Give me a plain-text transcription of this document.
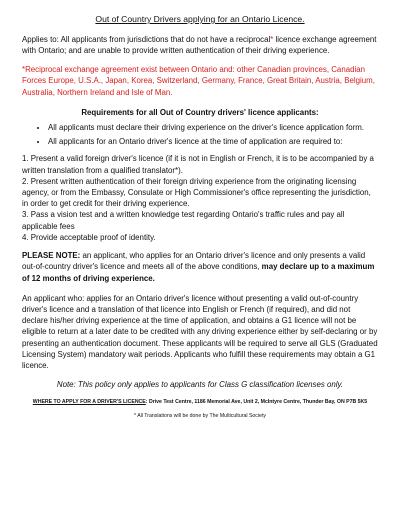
Out of Country Drivers applying for an Ontario Licence.

Applies to: All applicants from jurisdictions that do not have a reciprocal* licence exchange agreement with Ontario; and are unable to provide written authentication of their driving experience.

*Reciprocal exchange agreement exist between Ontario and: other Canadian provinces, Canadian Forces Europe, U.S.A., Japan, Korea, Switzerland, Germany, France, Great Britain, Austria, Belgium, Australia, Northern Ireland and Isle of Man.

Requirements for all Out of Country drivers' licence applicants:
• All applicants must declare their driving experience on the driver's licence application form.
• All applicants for an Ontario driver's licence at the time of application are required to:

1. Present a valid foreign driver's licence (if it is not in English or French, it is to be accompanied by a written translation from a qualified translator*).

2. Present written authentication of their foreign driving experience from the originating licensing agency, or from the Embassy, Consulate or High Commissioner's office representing the jurisdiction, in order to get credit for their driving experience.

3. Pass a vision test and a written knowledge test regarding Ontario's traffic rules and pay all applicable fees

4. Provide acceptable proof of identity.

PLEASE NOTE: an applicant, who applies for an Ontario driver's licence and only presents a valid out-of-country driver's licence and meets all of the above conditions, may declare up to a maximum of 12 months of driving experience.

An applicant who: applies for an Ontario driver's licence without presenting a valid out-of-country driver's licence and a translation of that licence into English or French (if required), and did not declare his/her driving experience at the time of application, and obtains a G1 licence will not be eligible to return at a later date to be credited with any driving experience either by self-declaring or by presenting an authentication document. These applicants will be required to serve all GLS (Graduated Licensing System) mandatory wait periods. Applicants who fulfill these requirements may obtain a G1 licence.

Note: This policy only applies to applicants for Class G classification licenses only.

WHERE TO APPLY FOR A DRIVER'S LICENCE: Drive Test Centre, 1186 Memorial Ave, Unit 2, McIntyre Centre, Thunder Bay, ON P7B 5K5
* All Translations will be done by The Multicultural Society
